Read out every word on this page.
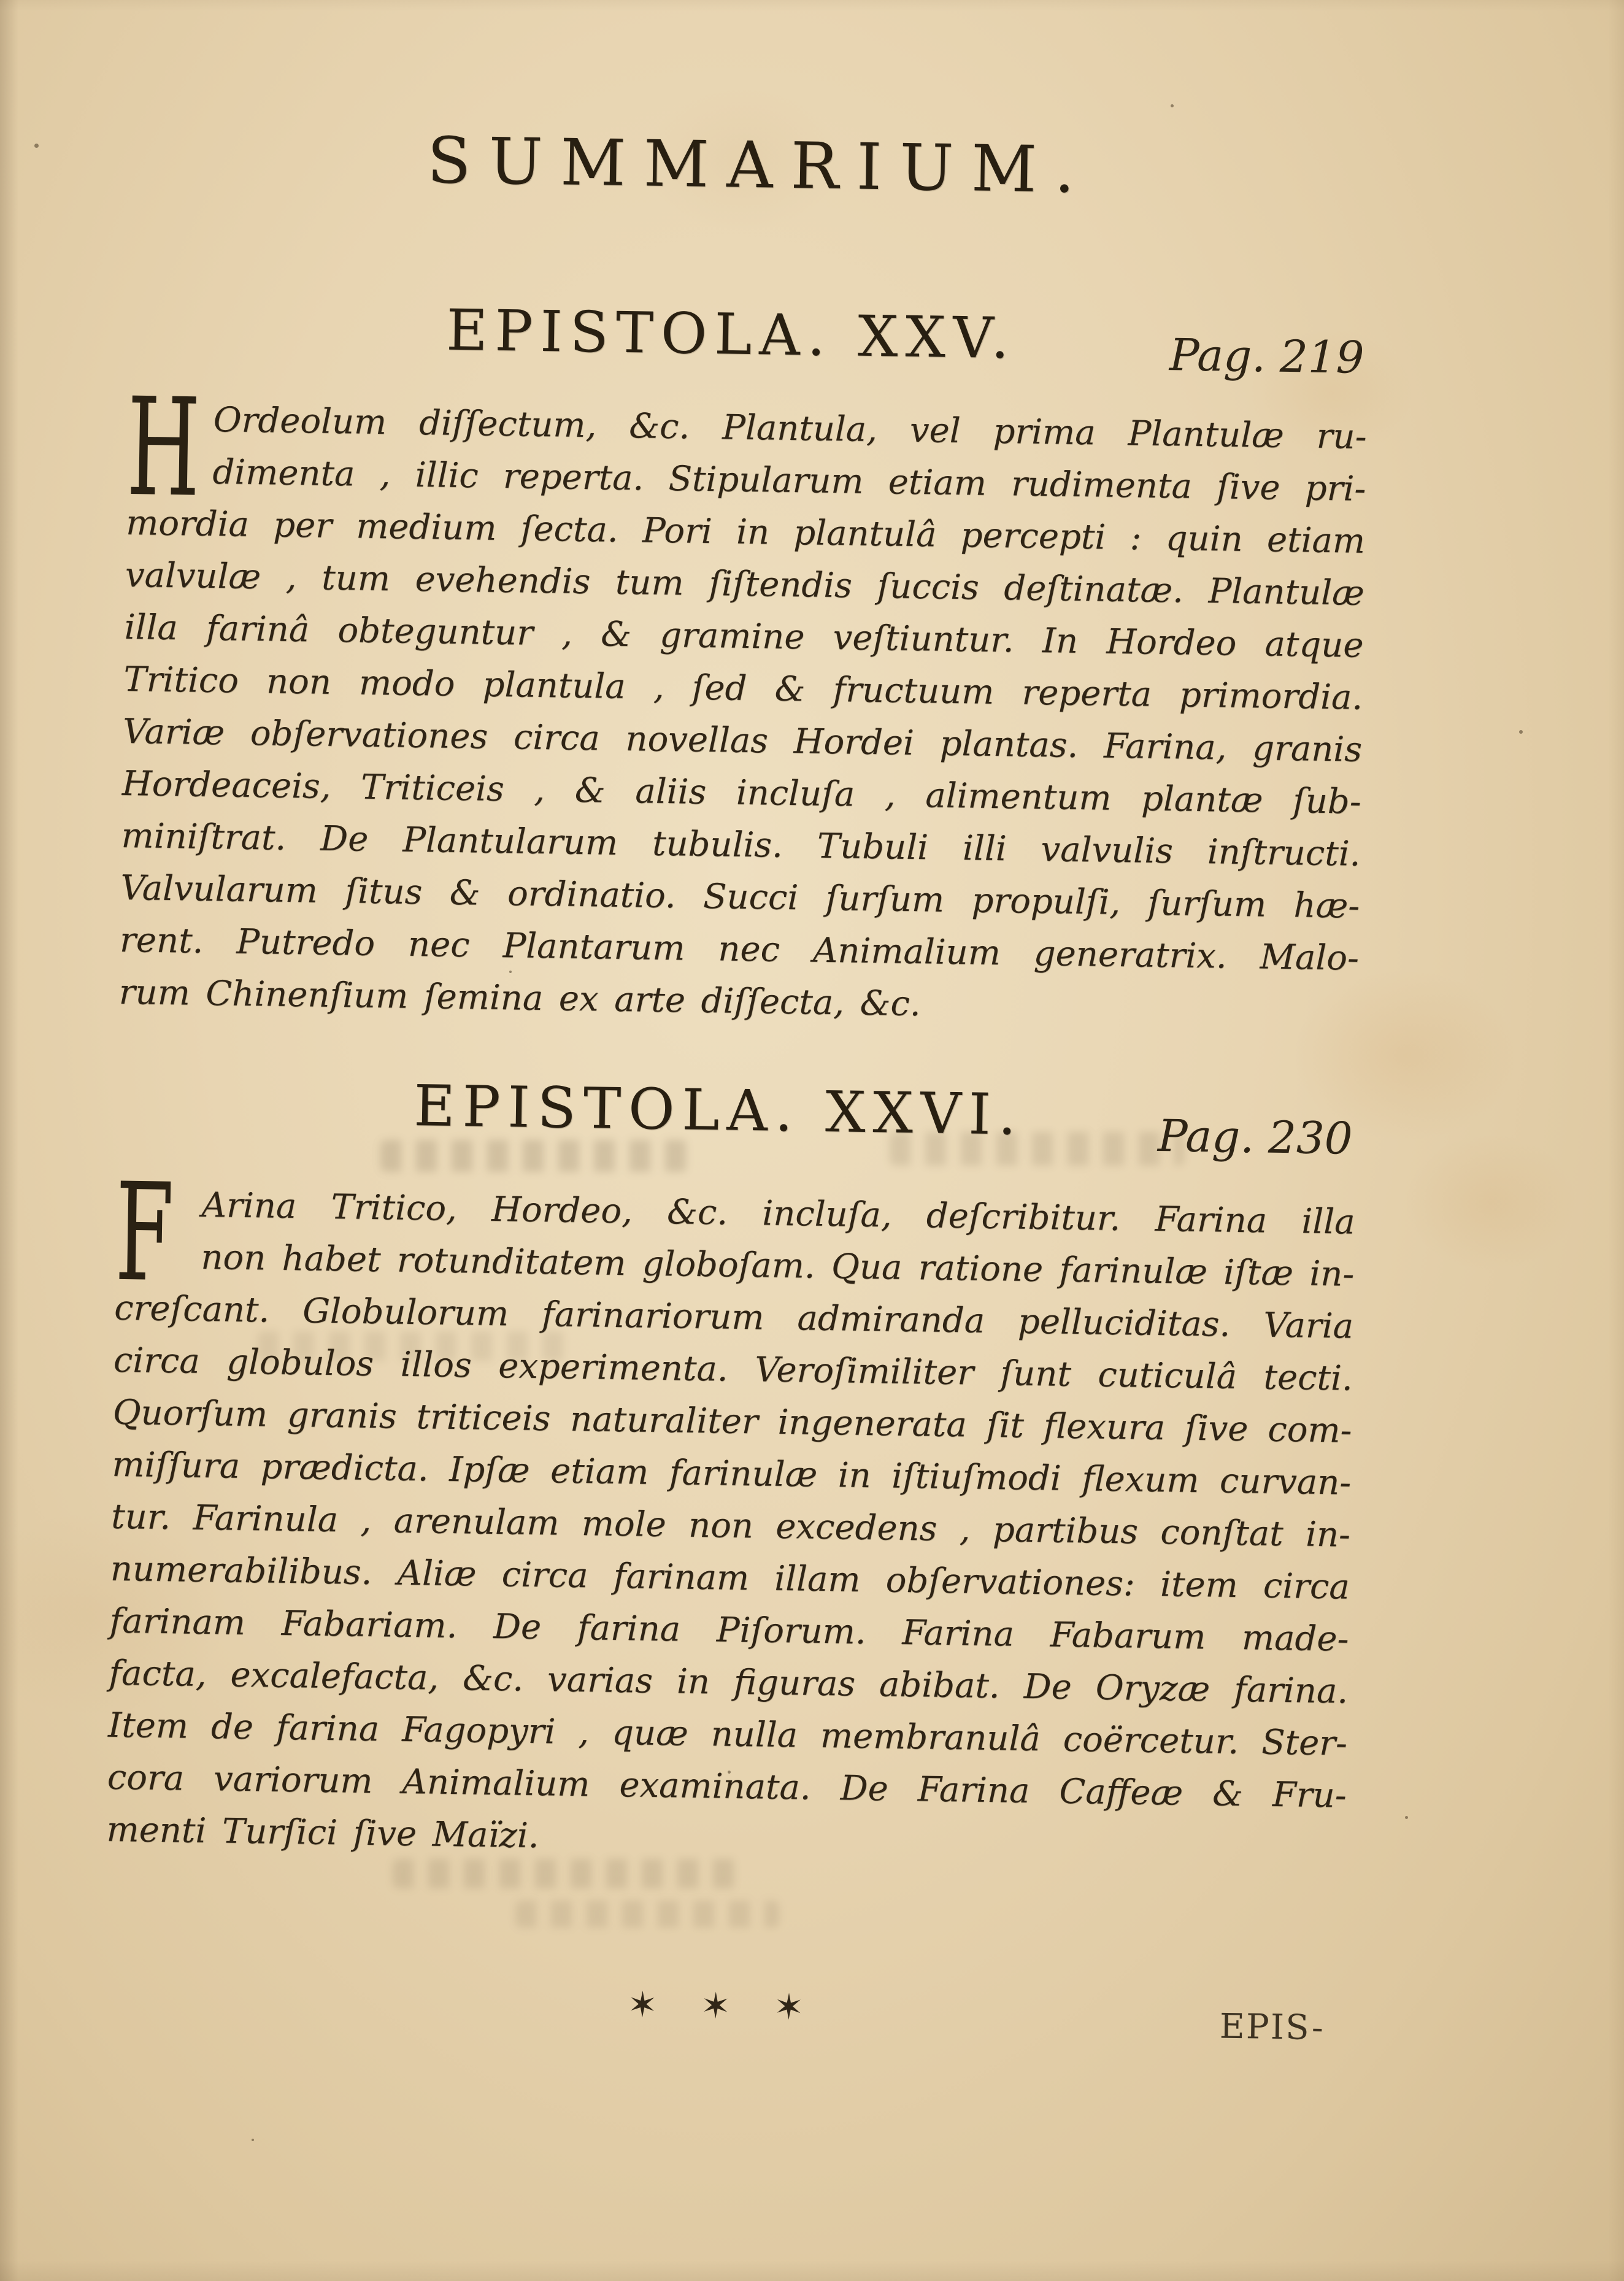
SUMMARIUM.
EPISTOLA. XXV.	Pag. 219
H Ordeolum diſſectum, &c. Plantula, vel prima Plantulæ ru-
dimenta , illic reperta. Stipularum etiam rudimenta ſive pri-
mordia per medium ſecta. Pori in plantulâ percepti : quin etiam
valvulæ , tum evehendis tum ſiſtendis ſuccis deſtinatæ. Plantulæ
illa farinâ obteguntur , & gramine veſtiuntur. In Hordeo atque
Tritico non modo plantula , ſed & fructuum reperta primordia.
Variæ obſervationes circa novellas Hordei plantas. Farina, granis
Hordeaceis, Triticeis , & aliis incluſa , alimentum plantæ ſub-
miniſtrat. De Plantularum tubulis. Tubuli illi valvulis inſtructi.
Valvularum ſitus & ordinatio. Succi ſurſum propulſi, ſurſum hæ-
rent. Putredo nec Plantarum nec Animalium generatrix. Malo-
rum Chinenſium ſemina ex arte diſſecta, &c.
EPISTOLA. XXVI.	Pag. 230
F Arina Tritico, Hordeo, &c. incluſa, deſcribitur. Farina illa
non habet rotunditatem globoſam. Qua ratione farinulæ iſtæ in-
creſcant. Globulorum farinariorum admiranda pelluciditas. Varia
circa globulos illos experimenta. Veroſimiliter ſunt cuticulâ tecti.
Quorſum granis triticeis naturaliter ingenerata ſit flexura ſive com-
miſſura prædicta. Ipſæ etiam farinulæ in iſtiuſmodi flexum curvan-
tur. Farinula , arenulam mole non excedens , partibus conſtat in-
numerabilibus. Aliæ circa farinam illam obſervationes: item circa
farinam Fabariam. De farina Piſorum. Farina Fabarum made-
facta, excalefacta, &c. varias in figuras abibat. De Oryzæ farina.
Item de farina Fagopyri , quæ nulla membranulâ coërcetur. Ster-
cora variorum Animalium examinata. De Farina Caffeæ & Fru-
menti Turſici ſive Maïzi.
✶ ✶ ✶	EPIS-
